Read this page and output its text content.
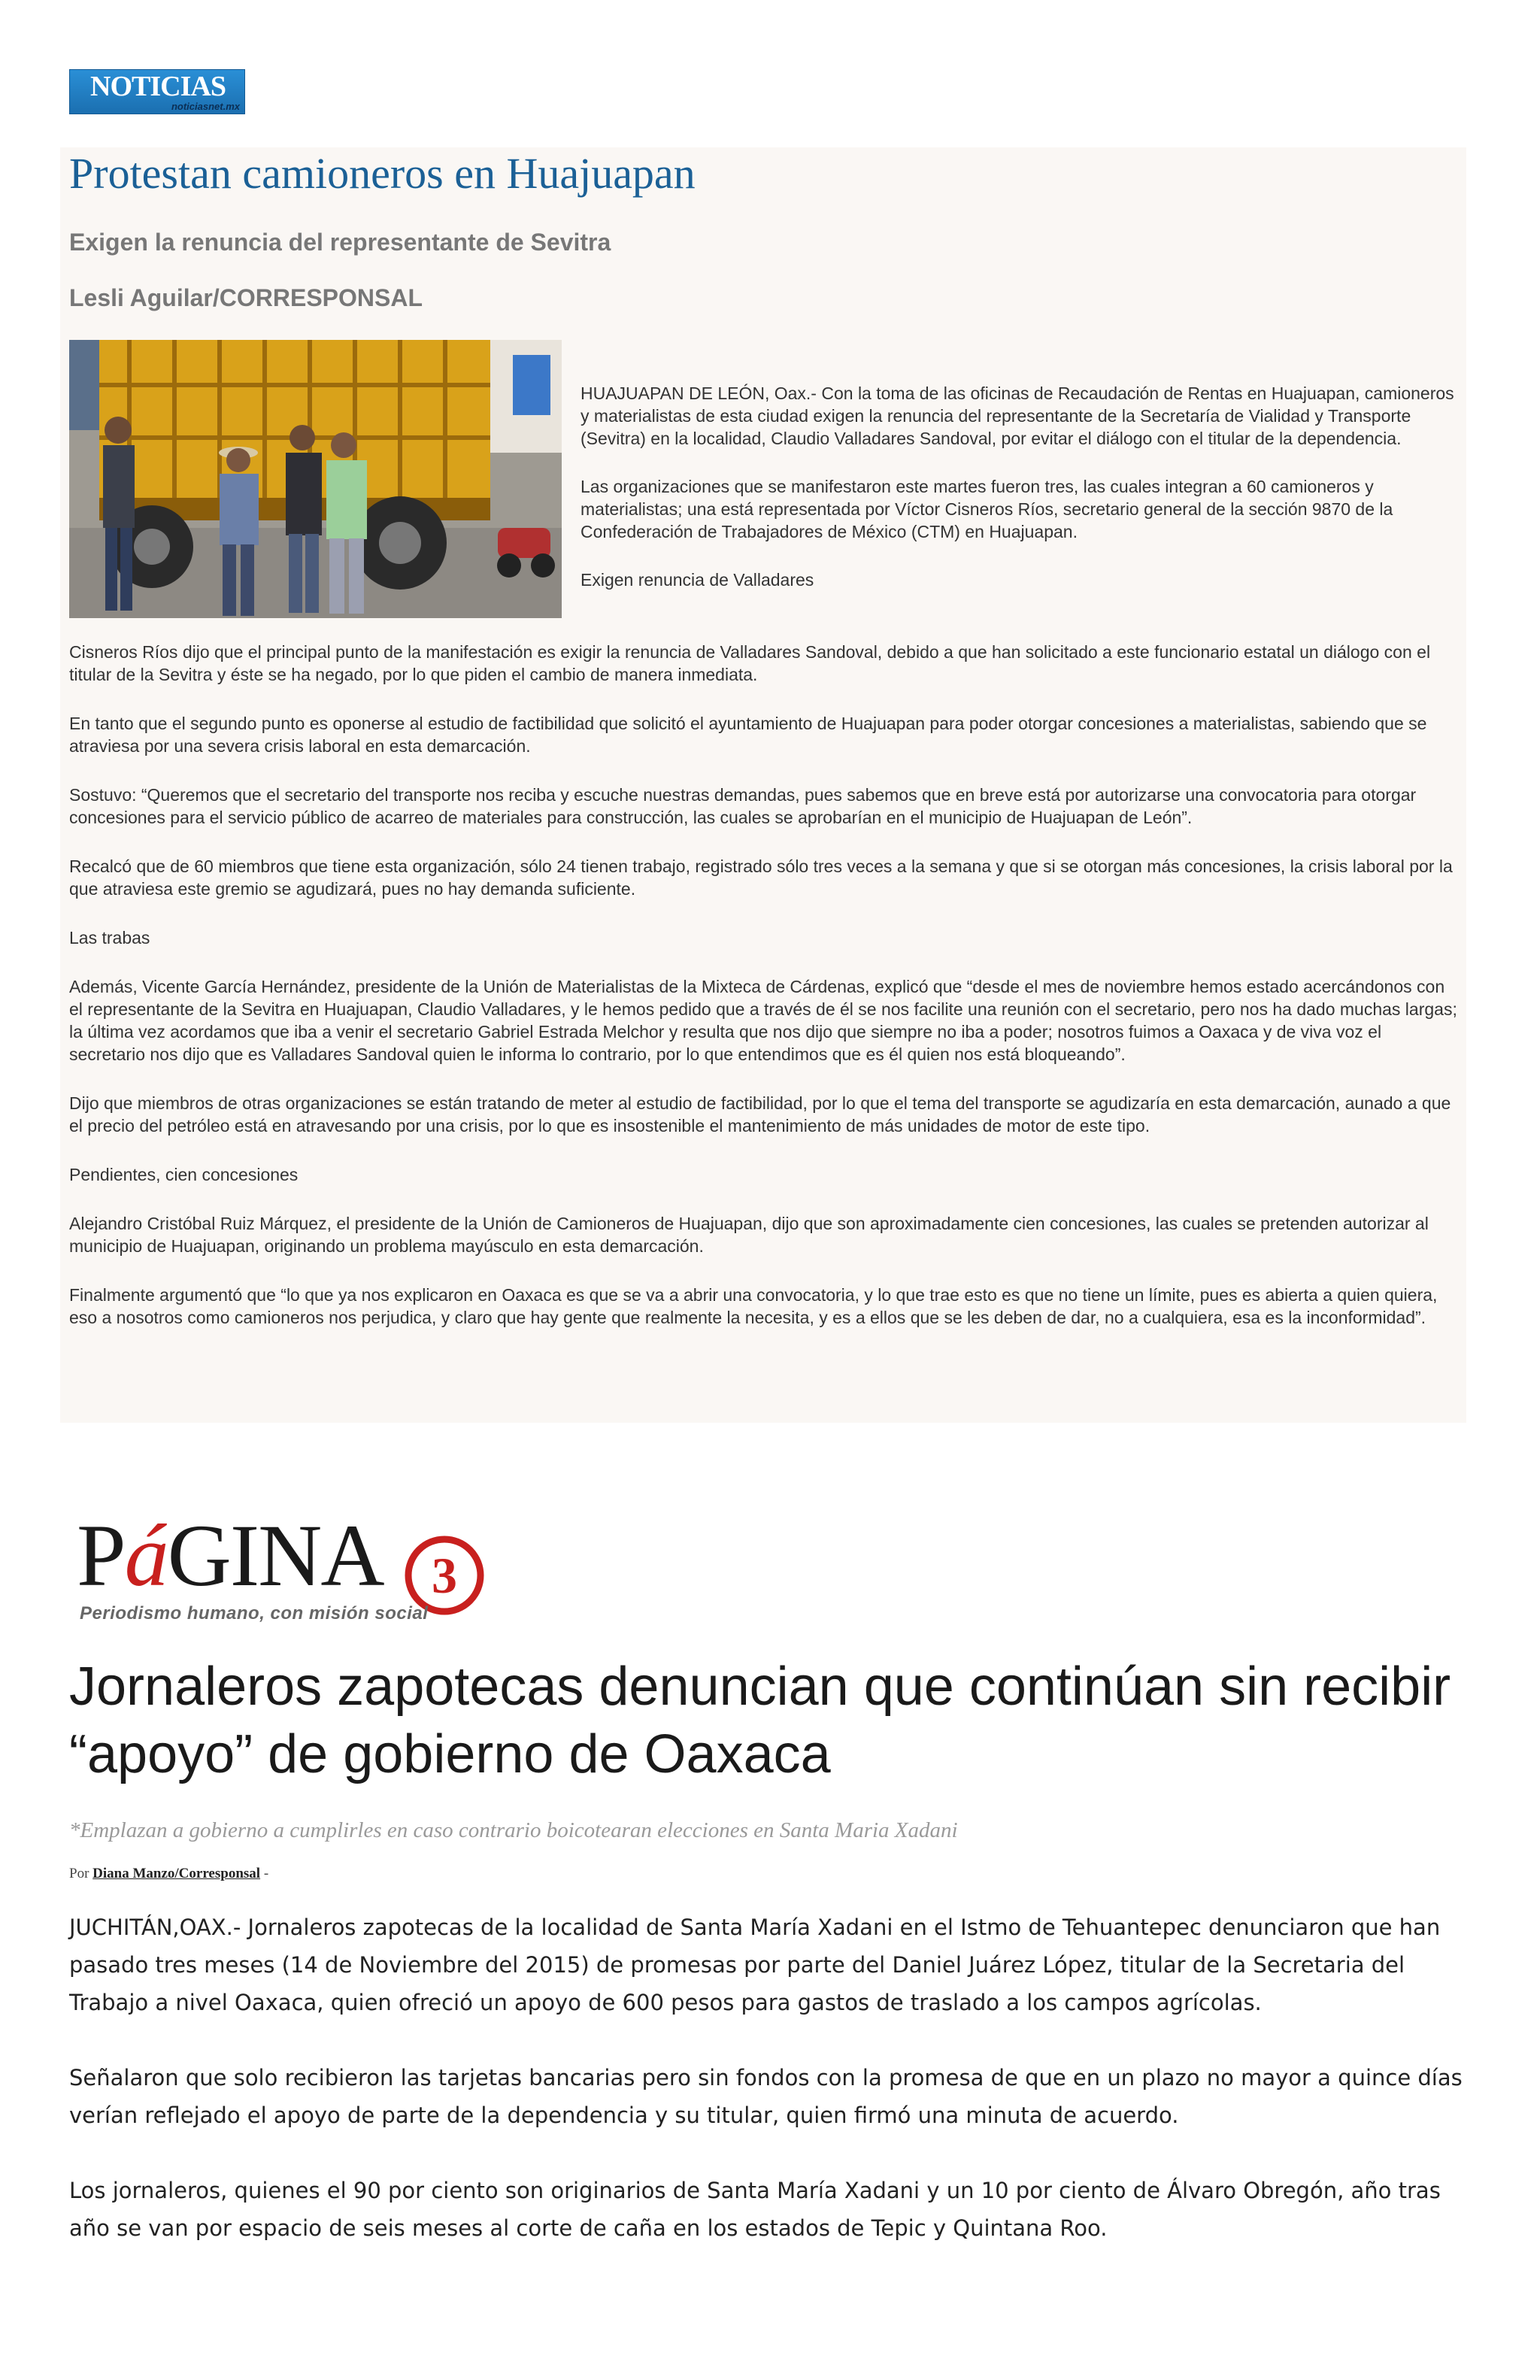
NOTICIAS
noticiasnet.mx
Protestan camioneros en Huajuapan
Exigen la renuncia del representante de Sevitra
Lesli Aguilar/CORRESPONSAL

HUAJUAPAN DE LEÓN, Oax.- Con la toma de las oficinas de Recaudación de Rentas en Huajuapan, camioneros y materialistas de esta ciudad exigen la renuncia del representante de la Secretaría de Vialidad y Transporte (Sevitra) en la localidad, Claudio Valladares Sandoval, por evitar el diálogo con el titular de la dependencia.

Las organizaciones que se manifestaron este martes fueron tres, las cuales integran a 60 camioneros y materialistas; una está representada por Víctor Cisneros Ríos, secretario general de la sección 9870 de la Confederación de Trabajadores de México (CTM) en Huajuapan.

Exigen renuncia de Valladares

Cisneros Ríos dijo que el principal punto de la manifestación es exigir la renuncia de Valladares Sandoval, debido a que han solicitado a este funcionario estatal un diálogo con el titular de la Sevitra y éste se ha negado, por lo que piden el cambio de manera inmediata.

En tanto que el segundo punto es oponerse al estudio de factibilidad que solicitó el ayuntamiento de Huajuapan para poder otorgar concesiones a materialistas, sabiendo que se atraviesa por una severa crisis laboral en esta demarcación.

Sostuvo: “Queremos que el secretario del transporte nos reciba y escuche nuestras demandas, pues sabemos que en breve está por autorizarse una convocatoria para otorgar concesiones para el servicio público de acarreo de materiales para construcción, las cuales se aprobarían en el municipio de Huajuapan de León”.

Recalcó que de 60 miembros que tiene esta organización, sólo 24 tienen trabajo, registrado sólo tres veces a la semana y que si se otorgan más concesiones, la crisis laboral por la que atraviesa este gremio se agudizará, pues no hay demanda suficiente.

Las trabas

Además, Vicente García Hernández, presidente de la Unión de Materialistas de la Mixteca de Cárdenas, explicó que “desde el mes de noviembre hemos estado acercándonos con el representante de la Sevitra en Huajuapan, Claudio Valladares, y le hemos pedido que a través de él se nos facilite una reunión con el secretario, pero nos ha dado muchas largas; la última vez acordamos que iba a venir el secretario Gabriel Estrada Melchor y resulta que nos dijo que siempre no iba a poder; nosotros fuimos a Oaxaca y de viva voz el secretario nos dijo que es Valladares Sandoval quien le informa lo contrario, por lo que entendimos que es él quien nos está bloqueando”.

Dijo que miembros de otras organizaciones se están tratando de meter al estudio de factibilidad, por lo que el tema del transporte se agudizaría en esta demarcación, aunado a que el precio del petróleo está en atravesando por una crisis, por lo que es insostenible el mantenimiento de más unidades de motor de este tipo.

Pendientes, cien concesiones

Alejandro Cristóbal Ruiz Márquez, el presidente de la Unión de Camioneros de Huajuapan, dijo que son aproximadamente cien concesiones, las cuales se pretenden autorizar al municipio de Huajuapan, originando un problema mayúsculo en esta demarcación.

Finalmente argumentó que “lo que ya nos explicaron en Oaxaca es que se va a abrir una convocatoria, y lo que trae esto es que no tiene un límite, pues es abierta a quien quiera, eso a nosotros como camioneros nos perjudica, y claro que hay gente que realmente la necesita, y es a ellos que se les deben de dar, no a cualquiera, esa es la inconformidad”.

PáGINA 3
Periodismo humano, con misión social
Jornaleros zapotecas denuncian que continúan sin recibir “apoyo” de gobierno de Oaxaca
*Emplazan a gobierno a cumplirles en caso contrario boicotearan elecciones en Santa Maria Xadani
Por Diana Manzo/Corresponsal -

JUCHITÁN,OAX.- Jornaleros zapotecas de la localidad de Santa María Xadani en el Istmo de Tehuantepec denunciaron que han pasado tres meses (14 de Noviembre del 2015) de promesas por parte del Daniel Juárez López, titular de la Secretaria del Trabajo a nivel Oaxaca, quien ofreció un apoyo de 600 pesos para gastos de traslado a los campos agrícolas.

Señalaron que solo recibieron las tarjetas bancarias pero sin fondos con la promesa de que en un plazo no mayor a quince días verían reflejado el apoyo de parte de la dependencia y su titular, quien firmó una minuta de acuerdo.

Los jornaleros, quienes el 90 por ciento son originarios de Santa María Xadani y un 10 por ciento de Álvaro Obregón, año tras año se van por espacio de seis meses al corte de caña en los estados de Tepic y Quintana Roo.
